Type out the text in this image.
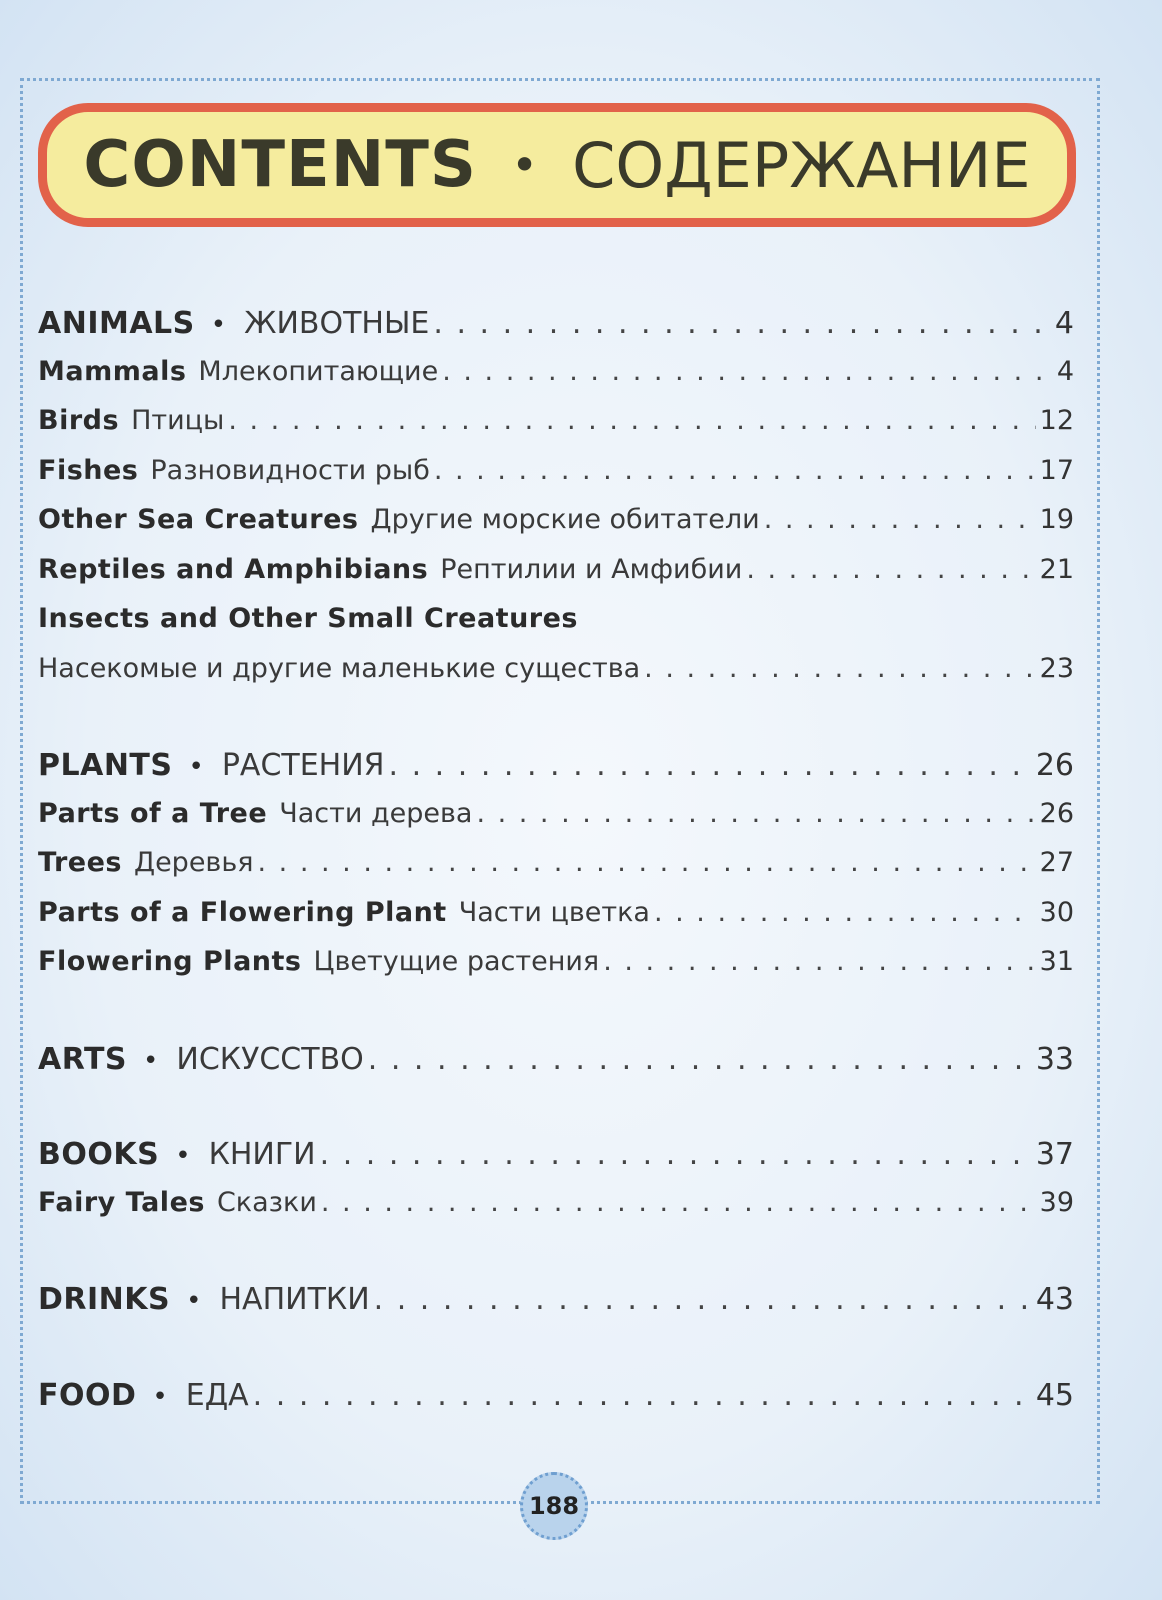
CONTENTS • СОДЕРЖАНИЕ
ANIMALS • ЖИВОТНЫЕ . . .	4
Mammals Млекопитающие . . .	4
Birds Птицы . . .	12
Fishes Разновидности рыб . . .	17
Other Sea Creatures Другие морские обитатели . . .	19
Reptiles and Amphibians Рептилии и Амфибии . . .	21
Insects and Other Small Creatures
Насекомые и другие маленькие существа . . .	23
PLANTS • РАСТЕНИЯ . . .	26
Parts of a Tree Части дерева . . .	26
Trees Деревья . . .	27
Parts of a Flowering Plant Части цветка . . .	30
Flowering Plants Цветущие растения . . .	31
ARTS • ИСКУССТВО . . .	33
BOOKS • КНИГИ . . .	37
Fairy Tales Сказки . . .	39
DRINKS • НАПИТКИ . . .	43
FOOD • ЕДА . . .	45
188
